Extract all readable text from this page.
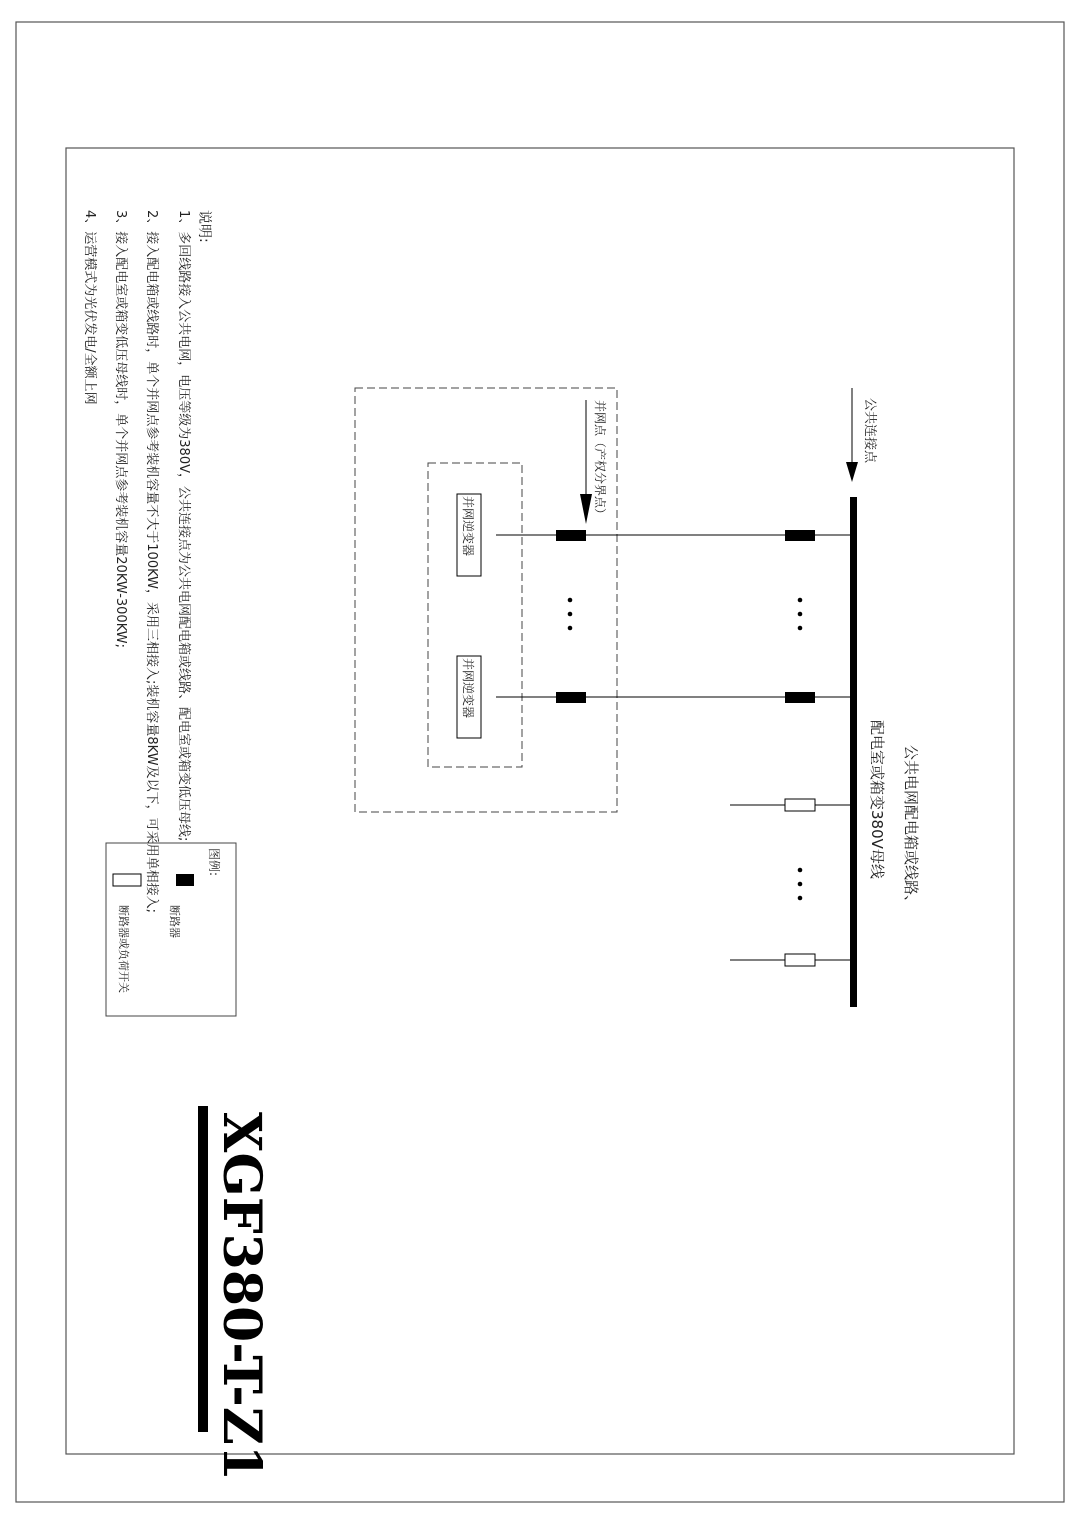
XGF380-T-Z1
说明:
1、多回线路接入公共电网，电压等级为380V，公共连接点为公共电网配电箱或线路、配电室或箱变低压母线;
2、接入配电箱或线路时，单个并网点参考装机容量不大于100KW，采用三相接入;装机容量8KW及以下，可采用单相接入;
3、接入配电室或箱变低压母线时，单个并网点参考装机容量20KW-300KW;
4、运营模式为光伏发电/全额上网
公共连接点
并网点（产权分界点）
并网逆变器
并网逆变器
公共电网配电箱或线路、
配电室或箱变380V母线
图例:
断路器
断路器或负荷开关
